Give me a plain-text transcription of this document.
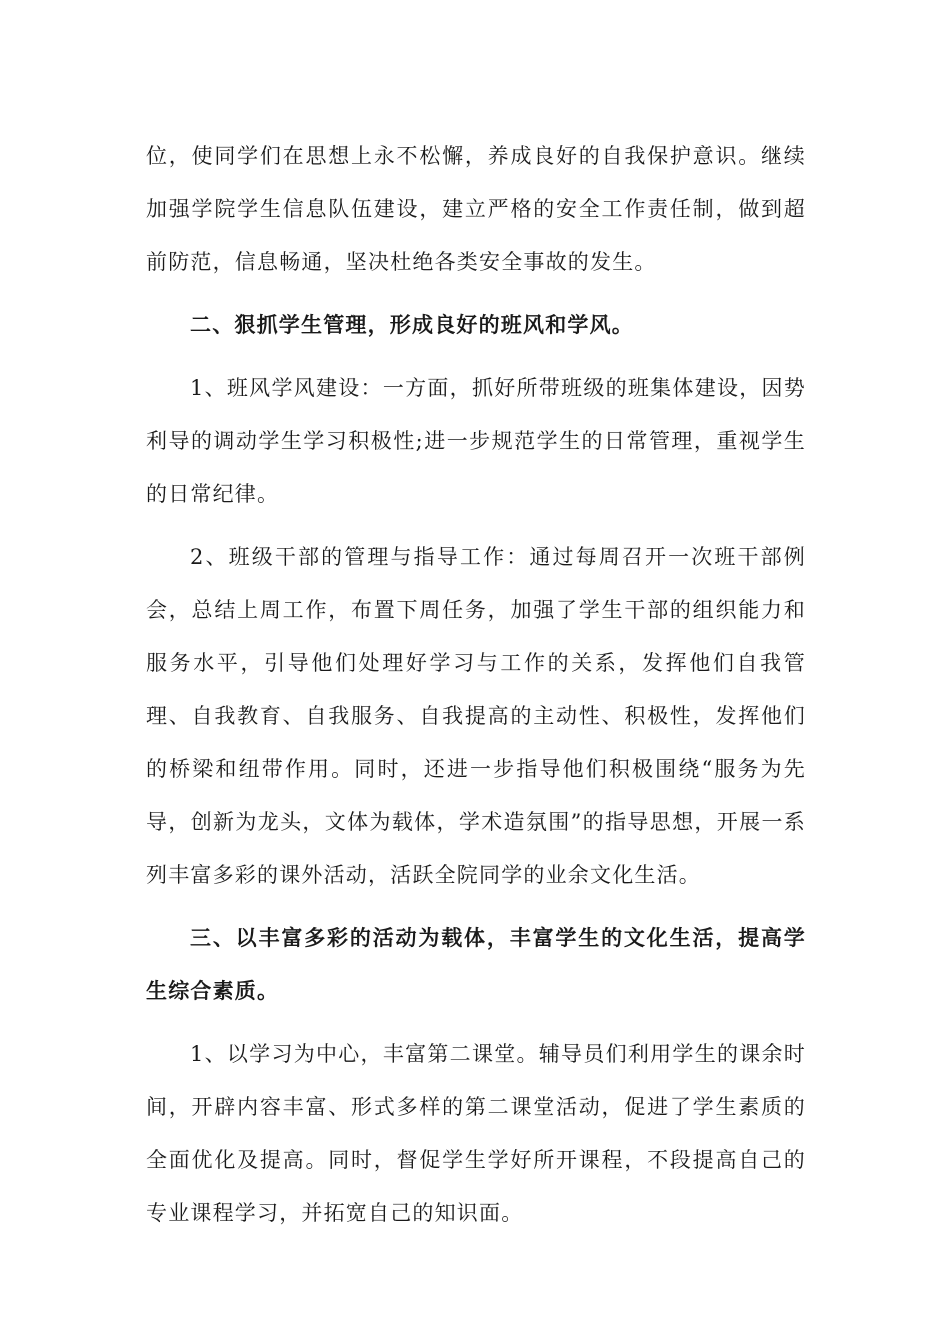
位，使同学们在思想上永不松懈，养成良好的自我保护意识。继续加强学院学生信息队伍建设，建立严格的安全工作责任制，做到超前防范，信息畅通，坚决杜绝各类安全事故的发生。

二、狠抓学生管理，形成良好的班风和学风。

1、班风学风建设：一方面，抓好所带班级的班集体建设，因势利导的调动学生学习积极性;进一步规范学生的日常管理，重视学生的日常纪律。

2、班级干部的管理与指导工作：通过每周召开一次班干部例会，总结上周工作，布置下周任务，加强了学生干部的组织能力和服务水平，引导他们处理好学习与工作的关系，发挥他们自我管理、自我教育、自我服务、自我提高的主动性、积极性，发挥他们的桥梁和纽带作用。同时，还进一步指导他们积极围绕“服务为先导，创新为龙头，文体为载体，学术造氛围”的指导思想，开展一系列丰富多彩的课外活动，活跃全院同学的业余文化生活。

三、以丰富多彩的活动为载体，丰富学生的文化生活，提高学生综合素质。

1、以学习为中心，丰富第二课堂。辅导员们利用学生的课余时间，开辟内容丰富、形式多样的第二课堂活动，促进了学生素质的全面优化及提高。同时，督促学生学好所开课程，不段提高自己的专业课程学习，并拓宽自己的知识面。
